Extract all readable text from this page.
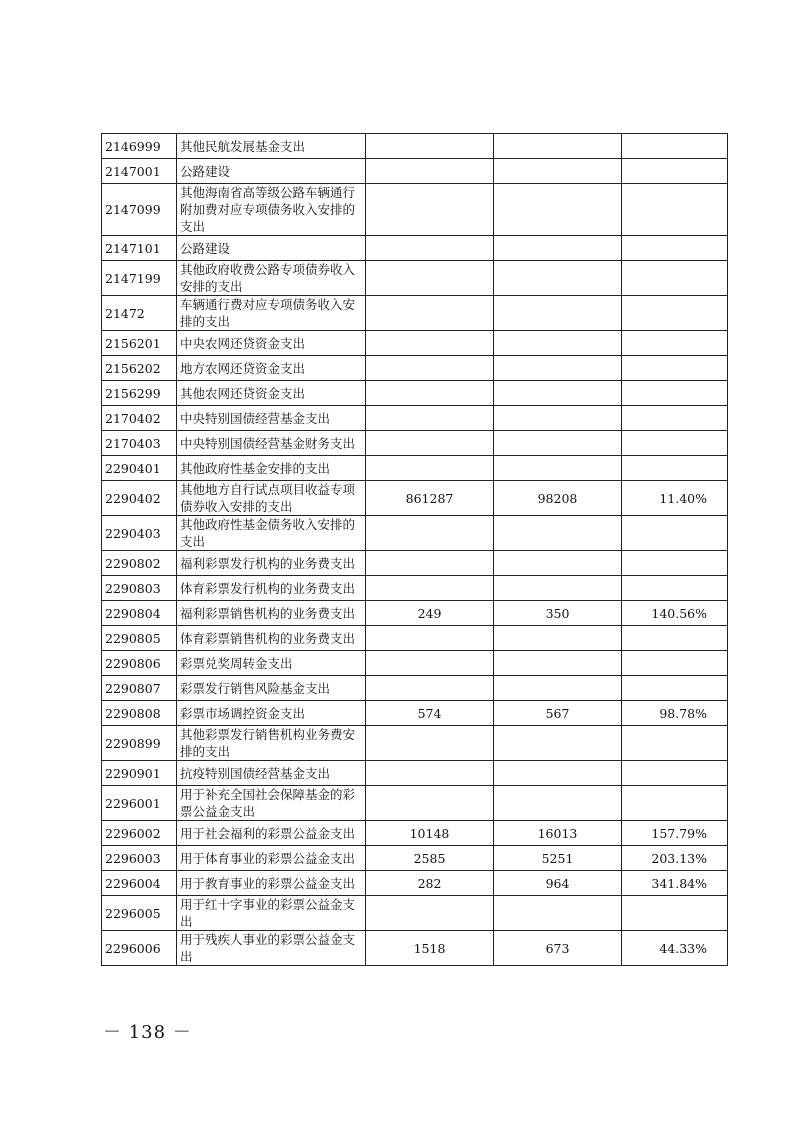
2146999	其他民航发展基金支出			
2147001	公路建设			
2147099	其他海南省高等级公路车辆通行附加费对应专项债务收入安排的支出			
2147101	公路建设			
2147199	其他政府收费公路专项债券收入安排的支出			
21472	车辆通行费对应专项债务收入安排的支出			
2156201	中央农网还贷资金支出			
2156202	地方农网还贷资金支出			
2156299	其他农网还贷资金支出			
2170402	中央特别国债经营基金支出			
2170403	中央特别国债经营基金财务支出			
2290401	其他政府性基金安排的支出			
2290402	其他地方自行试点项目收益专项债券收入安排的支出	861287	98208	11.40%
2290403	其他政府性基金债务收入安排的支出			
2290802	福利彩票发行机构的业务费支出			
2290803	体育彩票发行机构的业务费支出			
2290804	福利彩票销售机构的业务费支出	249	350	140.56%
2290805	体育彩票销售机构的业务费支出			
2290806	彩票兑奖周转金支出			
2290807	彩票发行销售风险基金支出			
2290808	彩票市场调控资金支出	574	567	98.78%
2290899	其他彩票发行销售机构业务费安排的支出			
2290901	抗疫特别国债经营基金支出			
2296001	用于补充全国社会保障基金的彩票公益金支出			
2296002	用于社会福利的彩票公益金支出	10148	16013	157.79%
2296003	用于体育事业的彩票公益金支出	2585	5251	203.13%
2296004	用于教育事业的彩票公益金支出	282	964	341.84%
2296005	用于红十字事业的彩票公益金支出			
2296006	用于残疾人事业的彩票公益金支出	1518	673	44.33%
－ 138 －
